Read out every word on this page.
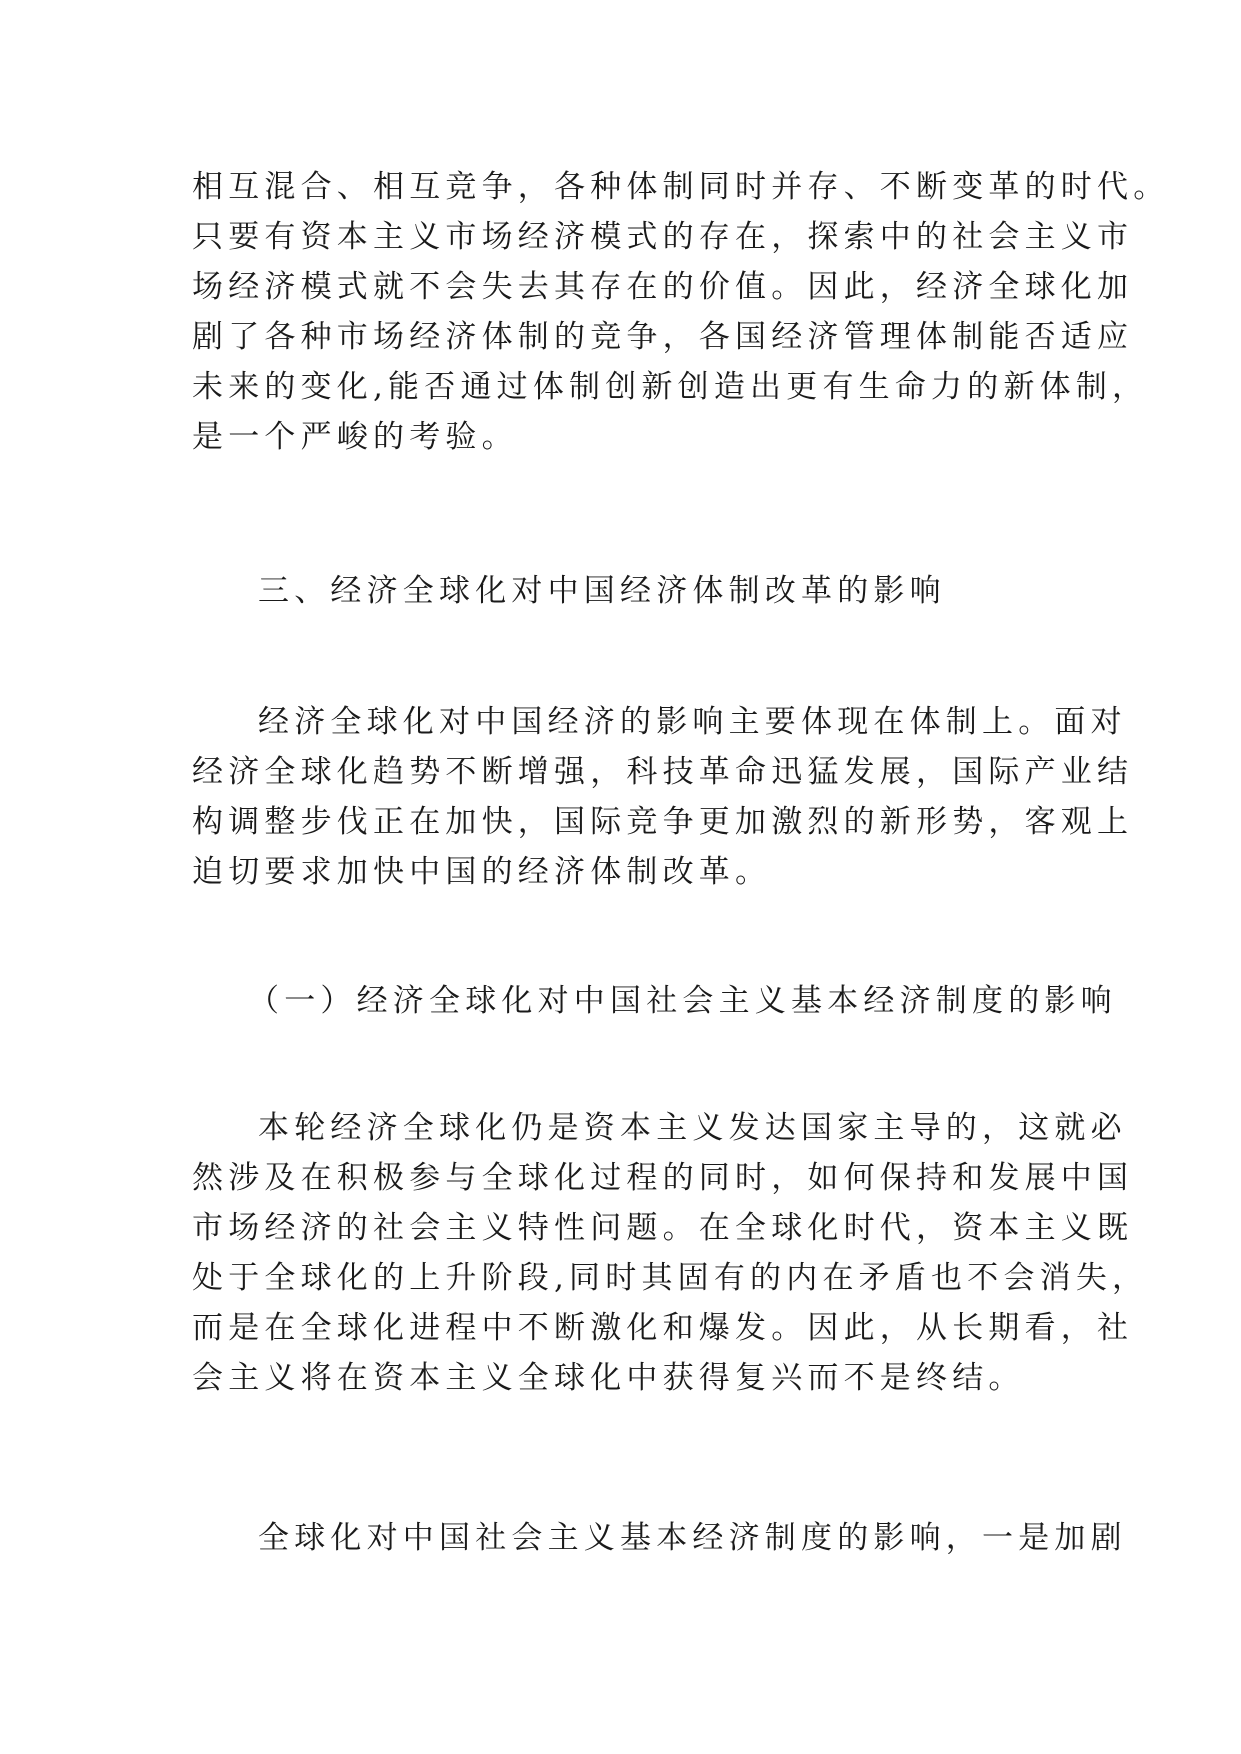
相互混合、相互竞争，各种体制同时并存、不断变革的时代。
只要有资本主义市场经济模式的存在，探索中的社会主义市
场经济模式就不会失去其存在的价值。因此，经济全球化加
剧了各种市场经济体制的竞争，各国经济管理体制能否适应
未来的变化,能否通过体制创新创造出更有生命力的新体制，
是一个严峻的考验。
三、经济全球化对中国经济体制改革的影响
经济全球化对中国经济的影响主要体现在体制上。面对
经济全球化趋势不断增强，科技革命迅猛发展，国际产业结
构调整步伐正在加快，国际竞争更加激烈的新形势，客观上
迫切要求加快中国的经济体制改革。
（一）经济全球化对中国社会主义基本经济制度的影响
本轮经济全球化仍是资本主义发达国家主导的，这就必
然涉及在积极参与全球化过程的同时，如何保持和发展中国
市场经济的社会主义特性问题。在全球化时代，资本主义既
处于全球化的上升阶段,同时其固有的内在矛盾也不会消失，
而是在全球化进程中不断激化和爆发。因此，从长期看，社
会主义将在资本主义全球化中获得复兴而不是终结。
全球化对中国社会主义基本经济制度的影响，一是加剧
